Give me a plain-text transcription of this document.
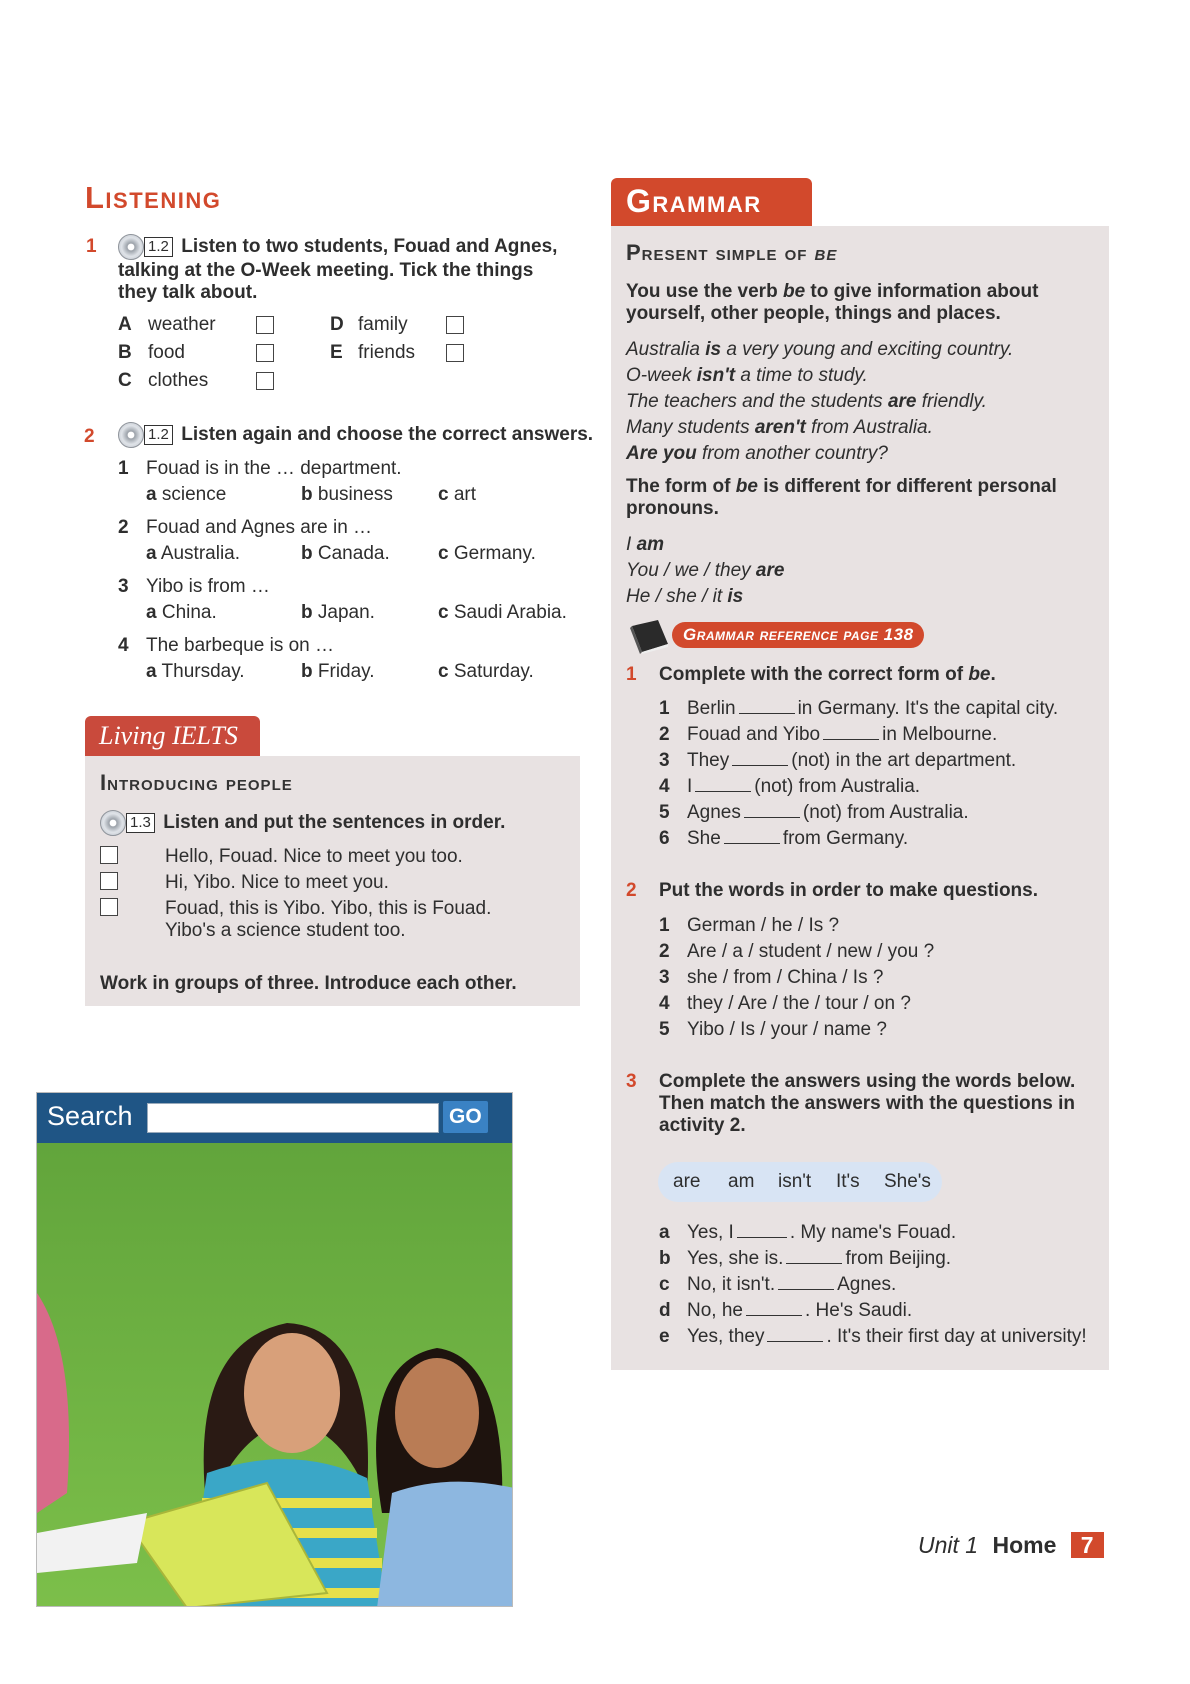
Listening
1	1.2 Listen to two students, Fouad and Agnes,
talking at the O-Week meeting. Tick the things
they talk about.
A weather
B food
C clothes
D family
E friends
2	1.2 Listen again and choose the correct answers.
1 Fouad is in the … department.
a science	b business c art
2 Fouad and Agnes are in …
a Australia.	b Canada.	c Germany.
3 Yibo is from …
a China.	b Japan.	c Saudi Arabia.
4 The barbeque is on …
a Thursday.	b Friday.	c Saturday.
Living IELTS
Introducing people
1.3 Listen and put the sentences in order.
Hello, Fouad. Nice to meet you too.
Hi, Yibo. Nice to meet you.
Fouad, this is Yibo. Yibo, this is Fouad.
Yibo's a science student too.
Work in groups of three. Introduce each other.
Search	GO
Grammar
Present simple of be
You use the verb be to give information about
yourself, other people, things and places.
Australia is a very young and exciting country.
O-week isn't a time to study.
The teachers and the students are friendly.
Many students aren't from Australia.
Are you from another country?
The form of be is different for different personal
pronouns.
I am
You / we / they are
He / she / it is
Grammar reference page 138
1 Complete with the correct form of be.
1 Berlin	in Germany. It's the capital city.
2 Fouad and Yibo	in Melbourne.
3 They	(not) in the art department.
4 I	(not) from Australia.
5 Agnes	(not) from Australia.
6 She	from Germany.
2 Put the words in order to make questions.
1 German / he / Is ?
2 Are / a / student / new / you ?
3 she / from / China / Is ?
4 they / Are / the / tour / on ?
5 Yibo / Is / your / name ?
3 Complete the answers using the words below.
Then match the answers with the questions in
activity 2.
are am isn't It's She's
a Yes, I	. My name's Fouad.
b Yes, she is.	from Beijing.
c No, it isn't.	Agnes.
d No, he	. He's Saudi.
e Yes, they	. It's their first day at university!
Unit 1 Home 7
